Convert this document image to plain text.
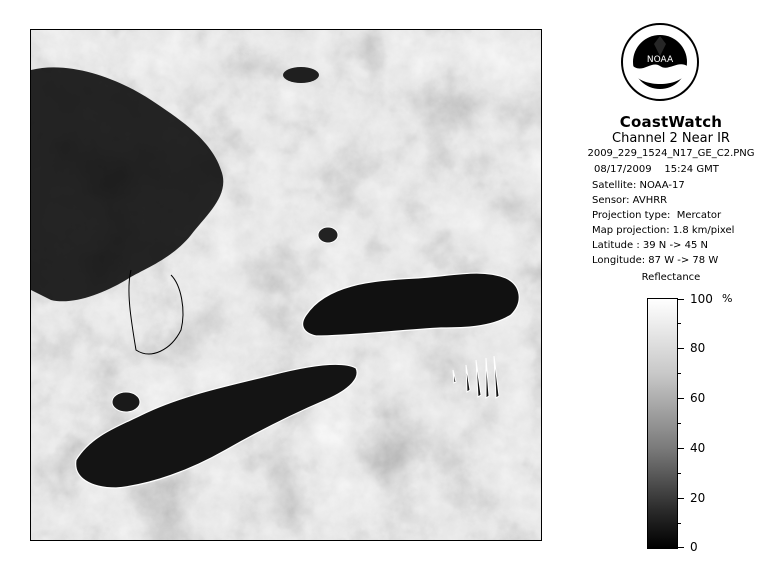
NOAA
CoastWatch
Channel 2 Near IR
2009_229_1524_N17_GE_C2.PNG
08/17/2009    15:24 GMT
Satellite: NOAA-17
Sensor: AVHRR
Projection type:  Mercator
Map projection: 1.8 km/pixel
Latitude : 39 N -> 45 N
Longitude: 87 W -> 78 W
Reflectance
%
100
80
60
40
20
0
